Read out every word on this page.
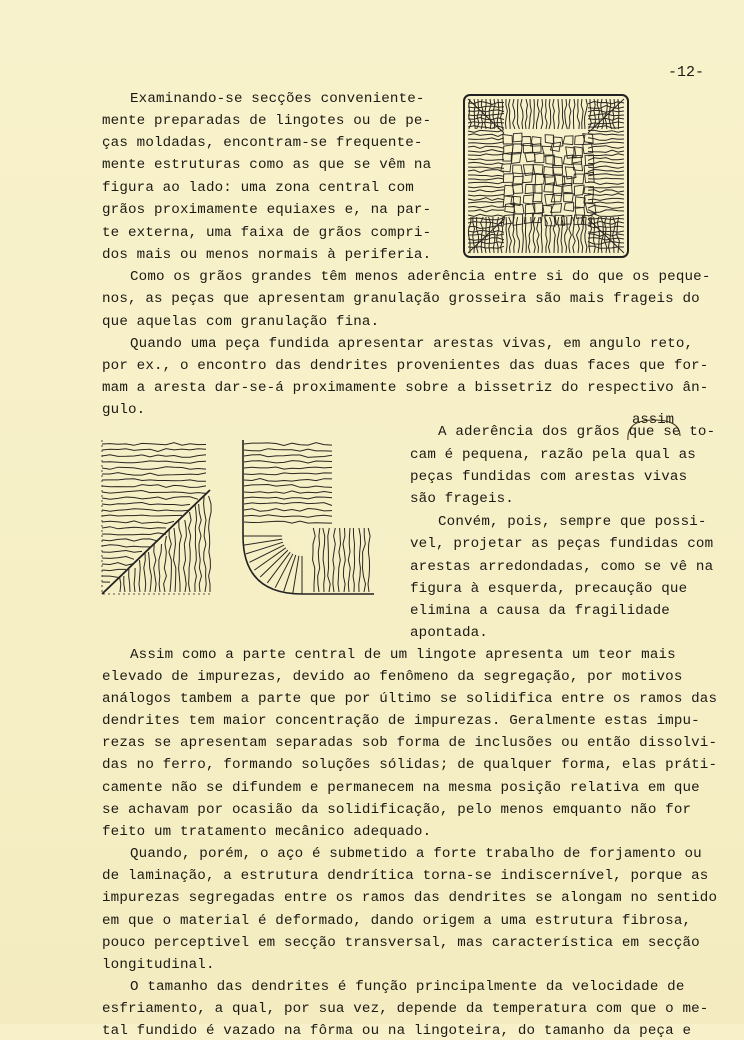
-12-
assim
Examinando-se secções convenientе-
mente preparadas de lingotes ou de pe-
ças moldadas, encontram-se frequente-
mente estruturas como as que se vêm na
figura ao lado: uma zona central com
grãos proximamente equiaxes e, na par-
te externa, uma faixa de grãos compri-
dos mais ou menos normais à periferia.
Como os grãos grandes têm menos aderência entre si do que os peque-
nos, as peças que apresentam granulação grosseira são mais frageis do
que aquelas com granulação fina.
Quando uma peça fundida apresentar arestas vivas, em angulo reto,
por ex., o encontro das dendrites provenientes das duas faces que for-
mam a aresta dar-se-á proximamente sobre a bissetriz do respectivo ân-
gulo.
A aderência dos grãos que se to-
cam é pequena, razão pela qual as
peças fundidas com arestas vivas
são frageis.
Convém, pois, sempre que possi-
vel, projetar as peças fundidas com
arestas arredondadas, como se vê na
figura à esquerda, precaução que
elimina a causa da fragilidade
apontada.
Assim como a parte central de um lingote apresenta um teor mais
elevado de impurezas, devido ao fenômeno da segregação, por motivos
análogos tambem a parte que por último se solidifica entre os ramos das
dendrites tem maior concentração de impurezas. Geralmente estas impu-
rezas se apresentam separadas sob forma de inclusões ou então dissolvi-
das no ferro, formando soluções sólidas; de qualquer forma, elas práti-
camente não se difundem e permanecem na mesma posição relativa em que
se achavam por ocasião da solidificação, pelo menos emquanto não for
feito um tratamento mecânico adequado.
Quando, porém, o aço é submetido a forte trabalho de forjamento ou
de laminação, a estrutura dendrítica torna-se indiscernível, porque as
impurezas segregadas entre os ramos das dendrites se alongam no sentido
em que o material é deformado, dando origem a uma estrutura fibrosa,
pouco perceptivel em secção transversal, mas característica em secção
longitudinal.
O tamanho das dendrites é função principalmente da velocidade de
esfriamento, a qual, por sua vez, depende da temperatura com que o me-
tal fundido é vazado na fôrma ou na lingoteira, do tamanho da peça e
